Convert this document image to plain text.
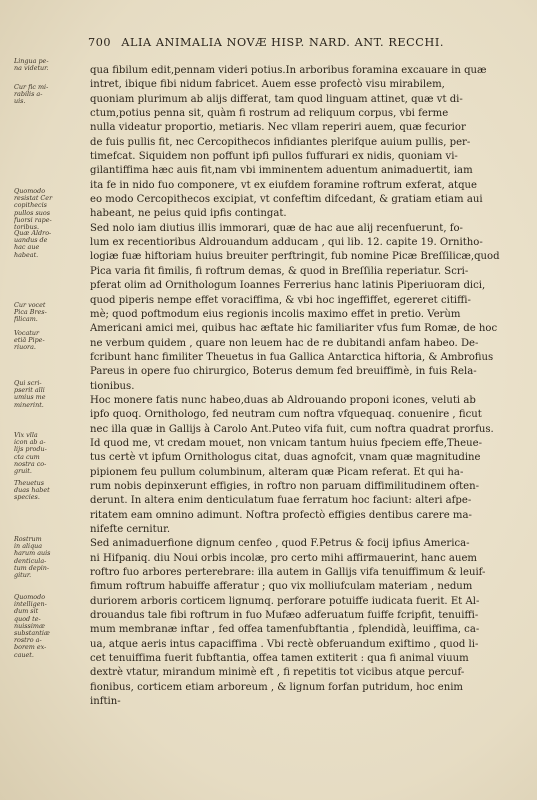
700 ALIA ANIMALIA NOVÆ HISP. NARD. ANT. RECCHI.
Lingua pe-
na videtur.
Cur fic mi-
rabilis a-
uis.
Quomodo
resistat Cer
copithecis
pullos suos
fuorsi rape-
toribus.
Quæ Aldro-
uandus de
hac aue
habeat.
Cur vocet
Pica Bres-
filicam.
Vocatur
etiā Pipe-
riuora.
Qui scri-
pserit alli
umius me
minerint.
Vix vlla
icon ab a-
lijs produ-
cta cum
nostra co-
gruit.
Theuetus
duas habet
species.
Rostrum
in aliqua
harum auis
denticula-
tum depin-
gitur.
Quomodo
intelligen-
dum sit
quod te-
nuissimæ
substantiæ
rostro a-
borem ex-
cauet.
qua fibilum edit,pennam videri potius.In arboribus foramina excauare in quæ
intret, ibique fibi nidum fabricet. Auem esse profectò visu mirabilem,
quoniam plurimum ab alijs differat, tam quod linguam attinet, quæ vt di-
ctum,potius penna sit, quàm fi rostrum ad reliquum corpus, vbi ferme
nulla videatur proportio, metiaris. Nec vllam reperiri auem, quæ fecurior
de fuis pullis fit, nec Cercopithecos infidiantes plerifque auium pullis, per-
timefcat. Siquidem non poffunt ipfi pullos fuffurari ex nidis, quoniam vi-
gilantiffima hæc auis fit,nam vbi imminentem aduentum animaduertit, iam
ita fe in nido fuo componere, vt ex eiufdem foramine roftrum exferat, atque
eo modo Cercopithecos excipiat, vt confeftim difcedant, & gratiam etiam aui
habeant, ne peius quid ipfis contingat.
Sed nolo iam diutius illis immorari, quæ de hac aue alij recenfuerunt, fo-
lum ex recentioribus Aldrouandum adducam , qui lib. 12. capite 19. Ornitho-
logiæ fuæ hiftoriam huius breuiter perftringit, fub nomine Picæ Breſſilicæ,quod
Pica varia fit fimilis, fi roftrum demas, & quod in Breſſilia reperiatur. Scri-
pferat olim ad Ornithologum Ioannes Ferrerius hanc latinis Piperiuoram dici,
quod piperis nempe effet voraciffima, & vbi hoc ingeffiffet, egereret citiffi-
mè; quod poftmodum eius regionis incolis maximo effet in pretio. Verùm
Americani amici mei, quibus hac æftate hic familiariter vfus fum Romæ, de hoc
ne verbum quidem , quare non leuem hac de re dubitandi anfam habeo. De-
fcribunt hanc fimiliter Theuetus in fua Gallica Antarctica hiftoria, & Ambrofius
Pareus in opere fuo chirurgico, Boterus demum fed breuiffimè, in fuis Rela-
tionibus.
Hoc monere fatis nunc habeo,duas ab Aldrouando proponi icones, veluti ab
ipfo quoq. Ornithologo, fed neutram cum noftra vfquequaq. conuenire , ficut
nec illa quæ in Gallijs à Carolo Ant.Puteo vifa fuit, cum noftra quadrat prorfus.
Id quod me, vt credam mouet, non vnicam tantum huius fpeciem effe,Theue-
tus certè vt ipfum Ornithologus citat, duas agnofcit, vnam quæ magnitudine
pipionem feu pullum columbinum, alteram quæ Picam referat. Et qui ha-
rum nobis depinxerunt effigies, in roftro non paruam diffimilitudinem often-
derunt. In altera enim denticulatum fuae ferratum hoc faciunt: alteri afpe-
ritatem eam omnino adimunt. Noftra profectò effigies dentibus carere ma-
nifefte cernitur.
Sed animaduerfione dignum cenfeo , quod F.Petrus & focij ipfius America-
ni Hifpaniq. diu Noui orbis incolæ, pro certo mihi affirmauerint, hanc auem
roftro fuo arbores perterebrare: illa autem in Gallijs vifa tenuiffimum & leuif-
fimum roftrum habuiffe afferatur ; quo vix molliufculam materiam , nedum
duriorem arboris corticem lignumq. perforare potuiffe iudicata fuerit. Et Al-
drouandus tale fibi roftrum in fuo Mufæo adferuatum fuiffe fcripfit, tenuiffi-
mum membranæ inftar , fed offea tamenfubftantia , fplendidà, leuiffima, ca-
ua, atque aeris intus capaciffima . Vbi rectè obferuandum exiftimo , quod li-
cet tenuiffima fuerit fubftantia, offea tamen extiterit : qua fi animal viuum
dextrè vtatur, mirandum minimè eft , fi repetitis tot vicibus atque percuf-
fionibus, corticem etiam arboreum , & lignum forfan putridum, hoc enim
inftin-
